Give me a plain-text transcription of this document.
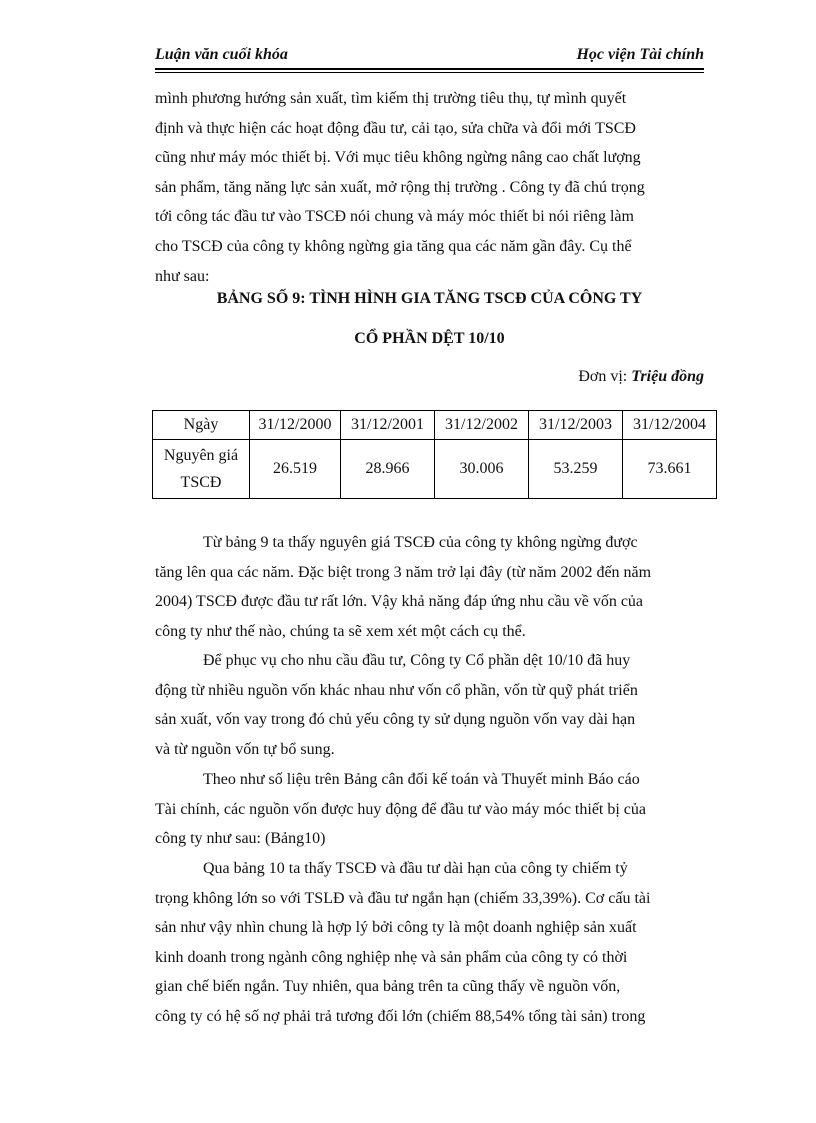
Luận văn cuối khóa	Học viện Tài chính
mình phương hướng sản xuất, tìm kiếm thị trường tiêu thụ, tự mình quyết
định và thực hiện các hoạt động đầu tư, cải tạo, sửa chữa và đổi mới TSCĐ
cũng như máy móc thiết bị. Với mục tiêu không ngừng nâng cao chất lượng
sản phẩm, tăng năng lực sản xuất, mở rộng thị trường . Công ty đã chú trọng
tới công tác đầu tư vào TSCĐ nói chung và máy móc thiết bi nói riêng làm
cho TSCĐ của công ty không ngừng gia tăng qua các năm gần đây. Cụ thể
như sau:
BẢNG SỐ 9: TÌNH HÌNH GIA TĂNG TSCĐ CỦA CÔNG TY
CỔ PHẦN DỆT 10/10
Đơn vị: Triệu đồng
Ngày	31/12/2000	31/12/2001	31/12/2002	31/12/2003	31/12/2004

Nguyên giá
TSCĐ	26.519	28.966	30.006	53.259	73.661
Từ bảng 9 ta thấy nguyên giá TSCĐ của công ty không ngừng được
tăng lên qua các năm. Đặc biệt trong 3 năm trở lại đây (từ năm 2002 đến năm
2004) TSCĐ được đầu tư rất lớn. Vậy khả năng đáp ứng nhu cầu về vốn của
công ty như thế nào, chúng ta sẽ xem xét một cách cụ thể.
Để phục vụ cho nhu cầu đầu tư, Công ty Cổ phần dệt 10/10 đã huy
động từ nhiều nguồn vốn khác nhau như vốn cổ phần, vốn từ quỹ phát triển
sản xuất, vốn vay trong đó chủ yếu công ty sử dụng nguồn vốn vay dài hạn
và từ nguồn vốn tự bổ sung.
Theo như số liệu trên Bảng cân đối kế toán và Thuyết minh Báo cáo
Tài chính, các nguồn vốn được huy động để đầu tư vào máy móc thiết bị của
công ty như sau: (Bảng10)
Qua bảng 10 ta thấy TSCĐ và đầu tư dài hạn của công ty chiếm tỷ
trọng không lớn so với TSLĐ và đầu tư ngắn hạn (chiếm 33,39%). Cơ cấu tài
sản như vậy nhìn chung là hợp lý bởi công ty là một doanh nghiệp sản xuất
kinh doanh trong ngành công nghiệp nhẹ và sản phẩm của công ty có thời
gian chế biến ngắn. Tuy nhiên, qua bảng trên ta cũng thấy về nguồn vốn,
công ty có hệ số nợ phải trả tương đối lớn (chiếm 88,54% tổng tài sản) trong
